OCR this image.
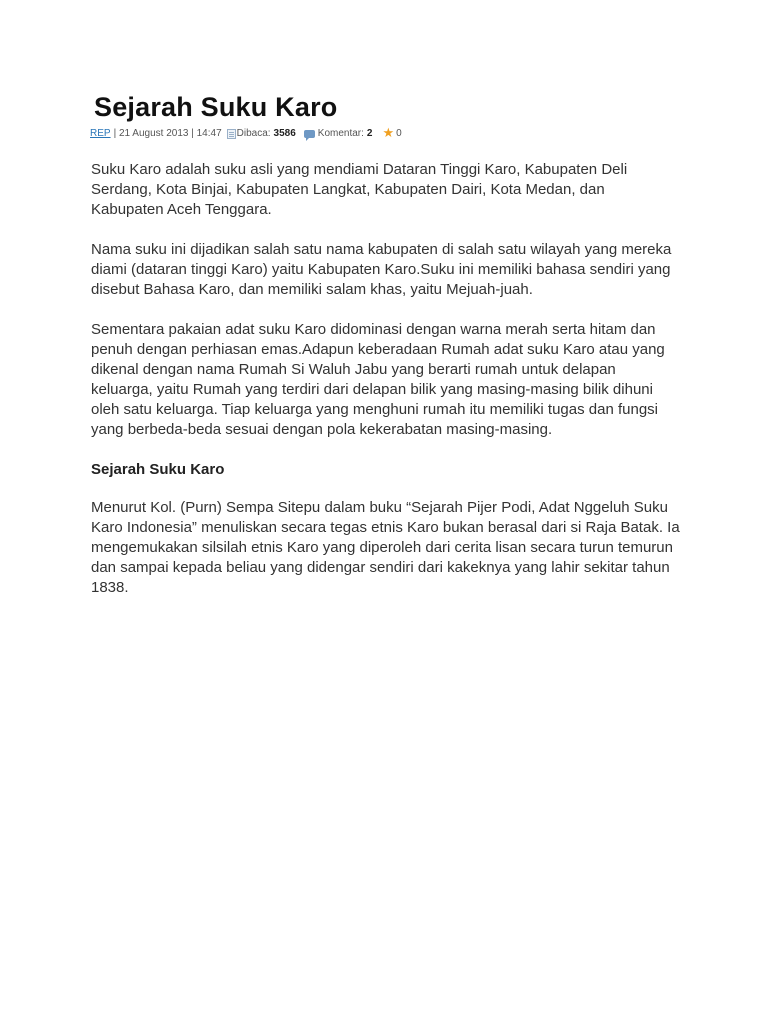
Sejarah Suku Karo
REP | 21 August 2013 | 14:47 Dibaca: 3586 Komentar: 2 ★ 0

Suku Karo adalah suku asli yang mendiami Dataran Tinggi Karo, Kabupaten Deli Serdang, Kota Binjai, Kabupaten Langkat, Kabupaten Dairi, Kota Medan, dan Kabupaten Aceh Tenggara.

Nama suku ini dijadikan salah satu nama kabupaten di salah satu wilayah yang mereka diami (dataran tinggi Karo) yaitu Kabupaten Karo.Suku ini memiliki bahasa sendiri yang disebut Bahasa Karo, dan memiliki salam khas, yaitu Mejuah-juah.

Sementara pakaian adat suku Karo didominasi dengan warna merah serta hitam dan penuh dengan perhiasan emas.Adapun keberadaan Rumah adat suku Karo atau yang dikenal dengan nama Rumah Si Waluh Jabu yang berarti rumah untuk delapan keluarga, yaitu Rumah yang terdiri dari delapan bilik yang masing-masing bilik dihuni oleh satu keluarga. Tiap keluarga yang menghuni rumah itu memiliki tugas dan fungsi yang berbeda-beda sesuai dengan pola kekerabatan masing-masing.

Sejarah Suku Karo

Menurut Kol. (Purn) Sempa Sitepu dalam buku “Sejarah Pijer Podi, Adat Nggeluh Suku Karo Indonesia” menuliskan secara tegas etnis Karo bukan berasal dari si Raja Batak. Ia mengemukakan silsilah etnis Karo yang diperoleh dari cerita lisan secara turun temurun dan sampai kepada beliau yang didengar sendiri dari kakeknya yang lahir sekitar tahun 1838.
